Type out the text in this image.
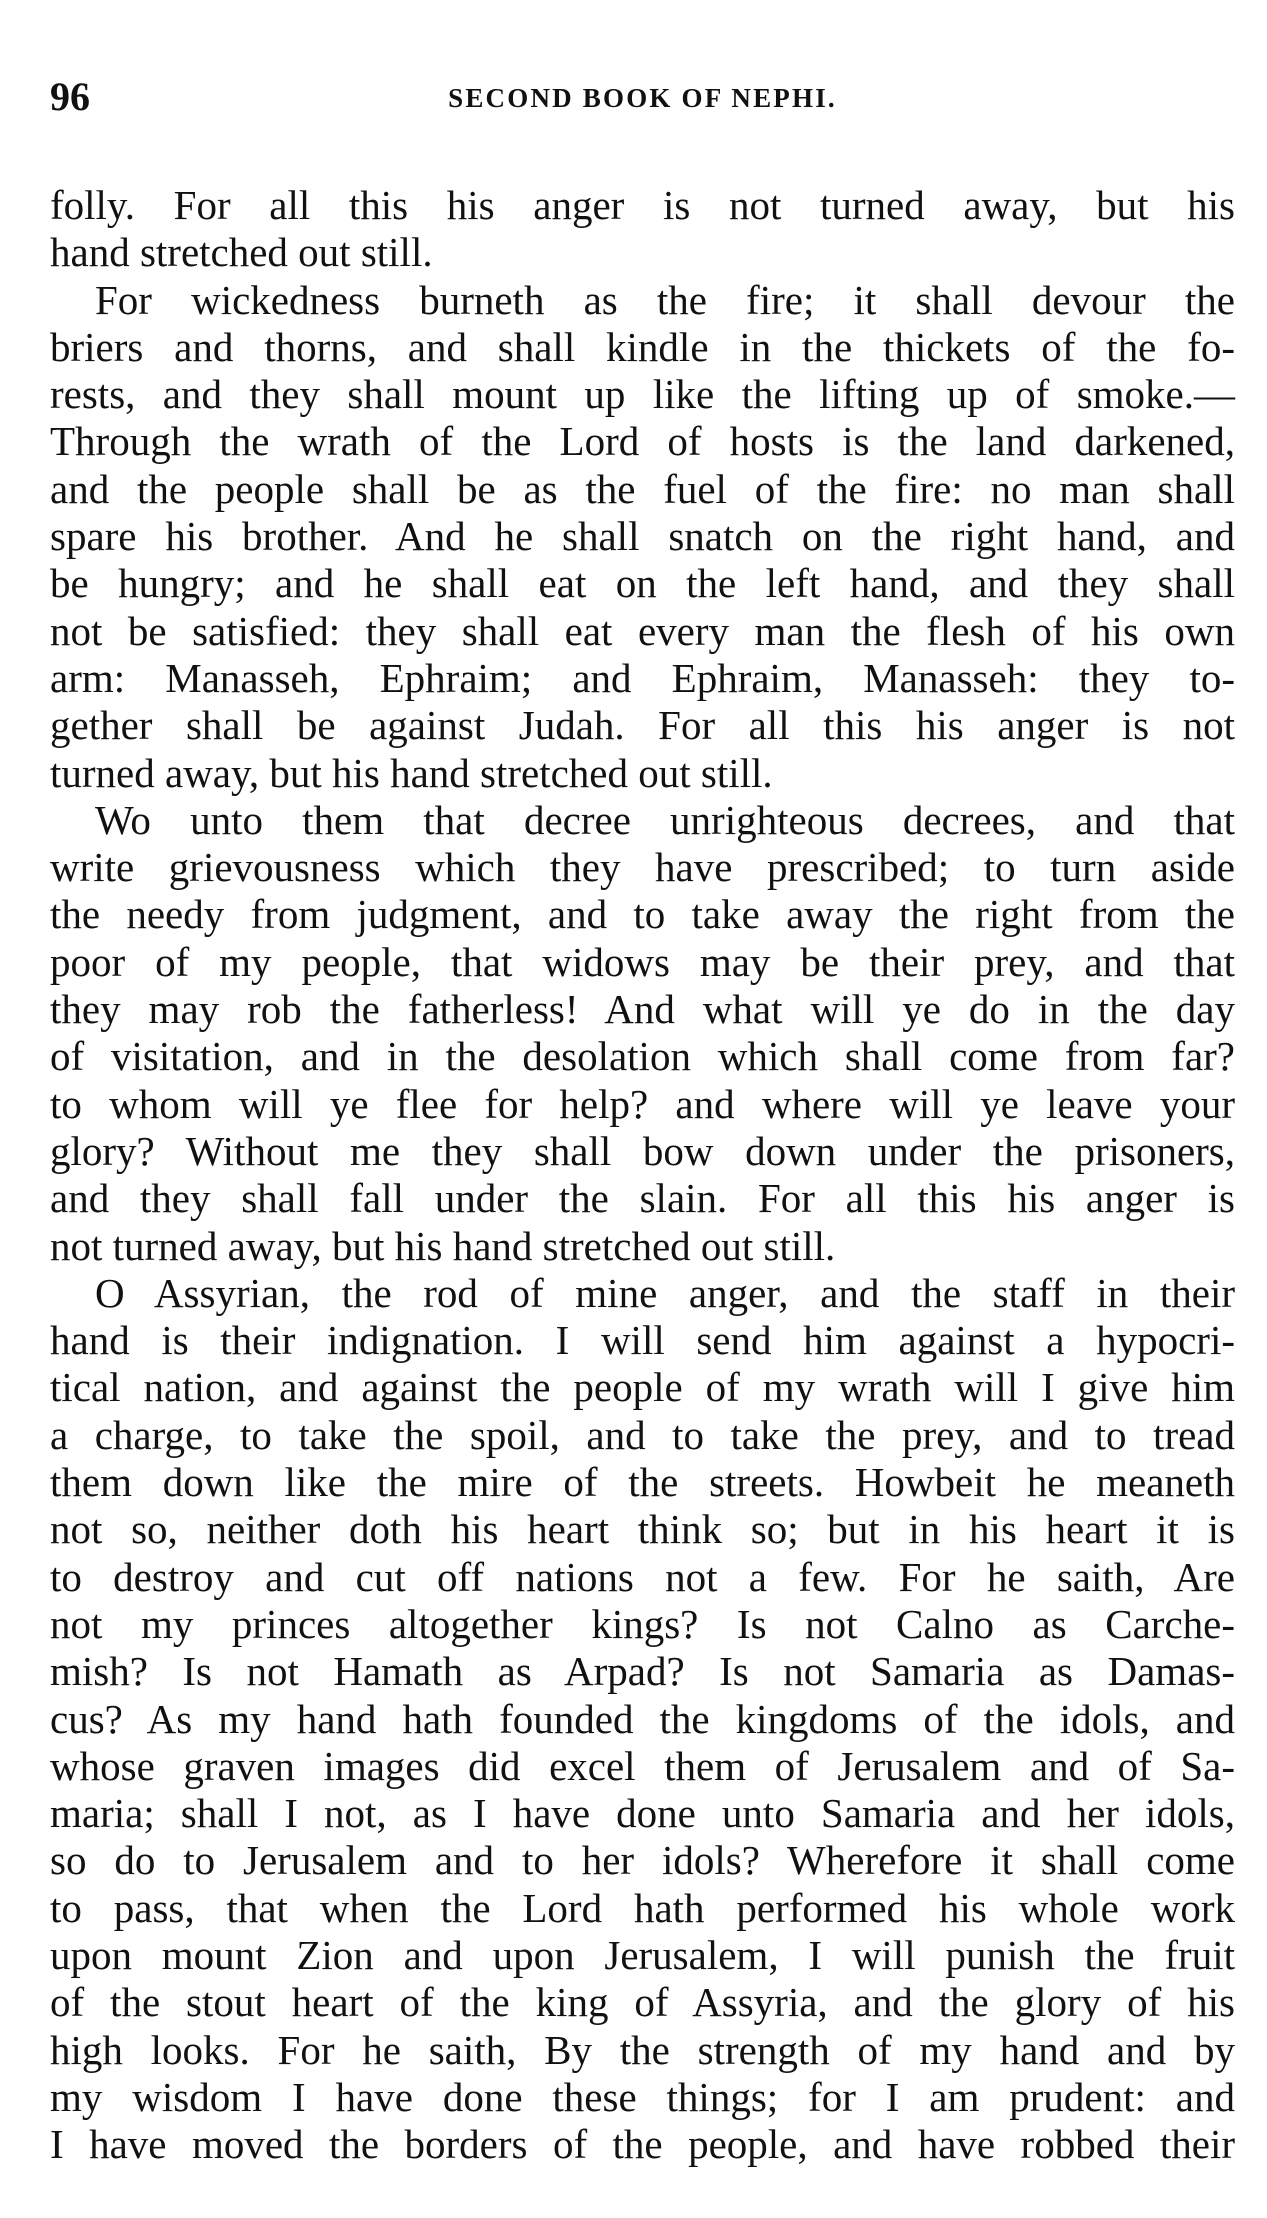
96	SECOND BOOK OF NEPHI.

folly. For all this his anger is not turned away, but his
hand stretched out still.

For wickedness burneth as the fire; it shall devour the
briers and thorns, and shall kindle in the thickets of the fo-
rests, and they shall mount up like the lifting up of smoke.—
Through the wrath of the Lord of hosts is the land darkened,
and the people shall be as the fuel of the fire: no man shall
spare his brother. And he shall snatch on the right hand, and
be hungry; and he shall eat on the left hand, and they shall
not be satisfied: they shall eat every man the flesh of his own
arm: Manasseh, Ephraim; and Ephraim, Manasseh: they to-
gether shall be against Judah. For all this his anger is not
turned away, but his hand stretched out still.

Wo unto them that decree unrighteous decrees, and that
write grievousness which they have prescribed; to turn aside
the needy from judgment, and to take away the right from the
poor of my people, that widows may be their prey, and that
they may rob the fatherless! And what will ye do in the day
of visitation, and in the desolation which shall come from far?
to whom will ye flee for help? and where will ye leave your
glory? Without me they shall bow down under the prisoners,
and they shall fall under the slain. For all this his anger is
not turned away, but his hand stretched out still.

O Assyrian, the rod of mine anger, and the staff in their
hand is their indignation. I will send him against a hypocri-
tical nation, and against the people of my wrath will I give him
a charge, to take the spoil, and to take the prey, and to tread
them down like the mire of the streets. Howbeit he meaneth
not so, neither doth his heart think so; but in his heart it is
to destroy and cut off nations not a few. For he saith, Are
not my princes altogether kings? Is not Calno as Carche-
mish? Is not Hamath as Arpad? Is not Samaria as Damas-
cus? As my hand hath founded the kingdoms of the idols, and
whose graven images did excel them of Jerusalem and of Sa-
maria; shall I not, as I have done unto Samaria and her idols,
so do to Jerusalem and to her idols? Wherefore it shall come
to pass, that when the Lord hath performed his whole work
upon mount Zion and upon Jerusalem, I will punish the fruit
of the stout heart of the king of Assyria, and the glory of his
high looks. For he saith, By the strength of my hand and by
my wisdom I have done these things; for I am prudent: and
I have moved the borders of the people, and have robbed their
